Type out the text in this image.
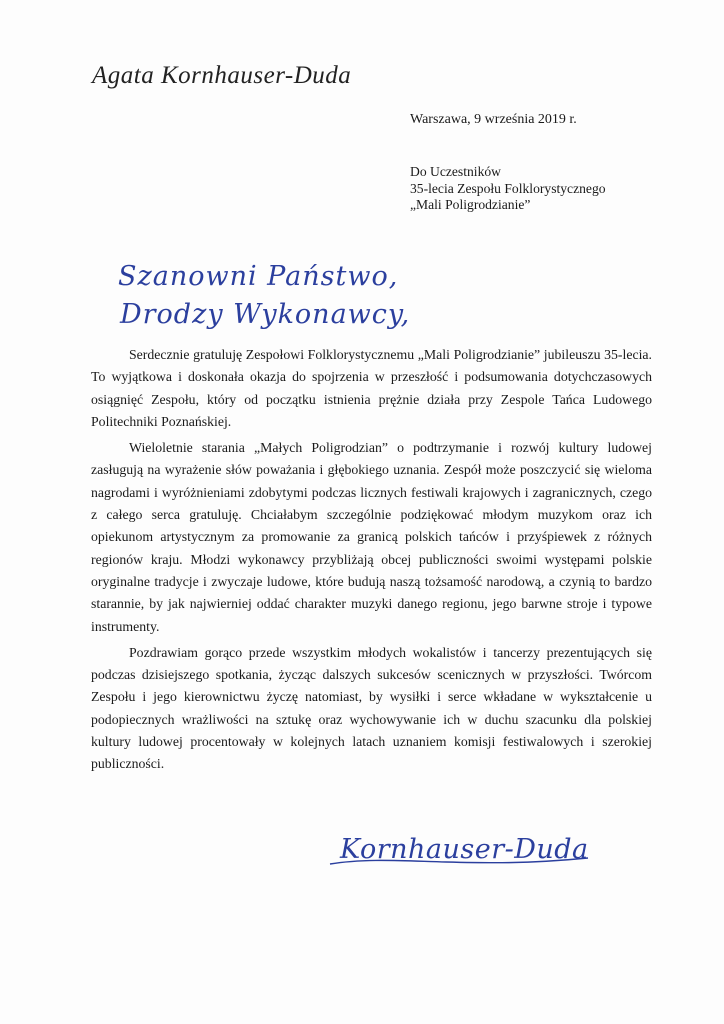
Agata Kornhauser-Duda
Warszawa, 9 września 2019 r.
Do Uczestników
35-lecia Zespołu Folklorystycznego
„Mali Poligrodzianie”
Szanowni Państwo,
Drodzy Wykonawcy,

Serdecznie gratuluję Zespołowi Folklorystycznemu „Mali Poligrodzianie” jubileuszu 35-lecia. To wyjątkowa i doskonała okazja do spojrzenia w przeszłość i podsumowania dotychczasowych osiągnięć Zespołu, który od początku istnienia prężnie działa przy Zespole Tańca Ludowego Politechniki Poznańskiej.

Wieloletnie starania „Małych Poligrodzian” o podtrzymanie i rozwój kultury ludowej zasługują na wyrażenie słów poważania i głębokiego uznania. Zespół może poszczycić się wieloma nagrodami i wyróżnieniami zdobytymi podczas licznych festiwali krajowych i zagranicznych, czego z całego serca gratuluję. Chciałabym szczególnie podziękować młodym muzykom oraz ich opiekunom artystycznym za promowanie za granicą polskich tańców i przyśpiewek z różnych regionów kraju. Młodzi wykonawcy przybliżają obcej publiczności swoimi występami polskie oryginalne tradycje i zwyczaje ludowe, które budują naszą tożsamość narodową, a czynią to bardzo starannie, by jak najwierniej oddać charakter muzyki danego regionu, jego barwne stroje i typowe instrumenty.

Pozdrawiam gorąco przede wszystkim młodych wokalistów i tancerzy prezentujących się podczas dzisiejszego spotkania, życząc dalszych sukcesów scenicznych w przyszłości. Twórcom Zespołu i jego kierownictwu życzę natomiast, by wysiłki i serce wkładane w wykształcenie u podopiecznych wrażliwości na sztukę oraz wychowywanie ich w duchu szacunku dla polskiej kultury ludowej procentowały w kolejnych latach uznaniem komisji festiwalowych i szerokiej publiczności.

Kornhauser-Duda
